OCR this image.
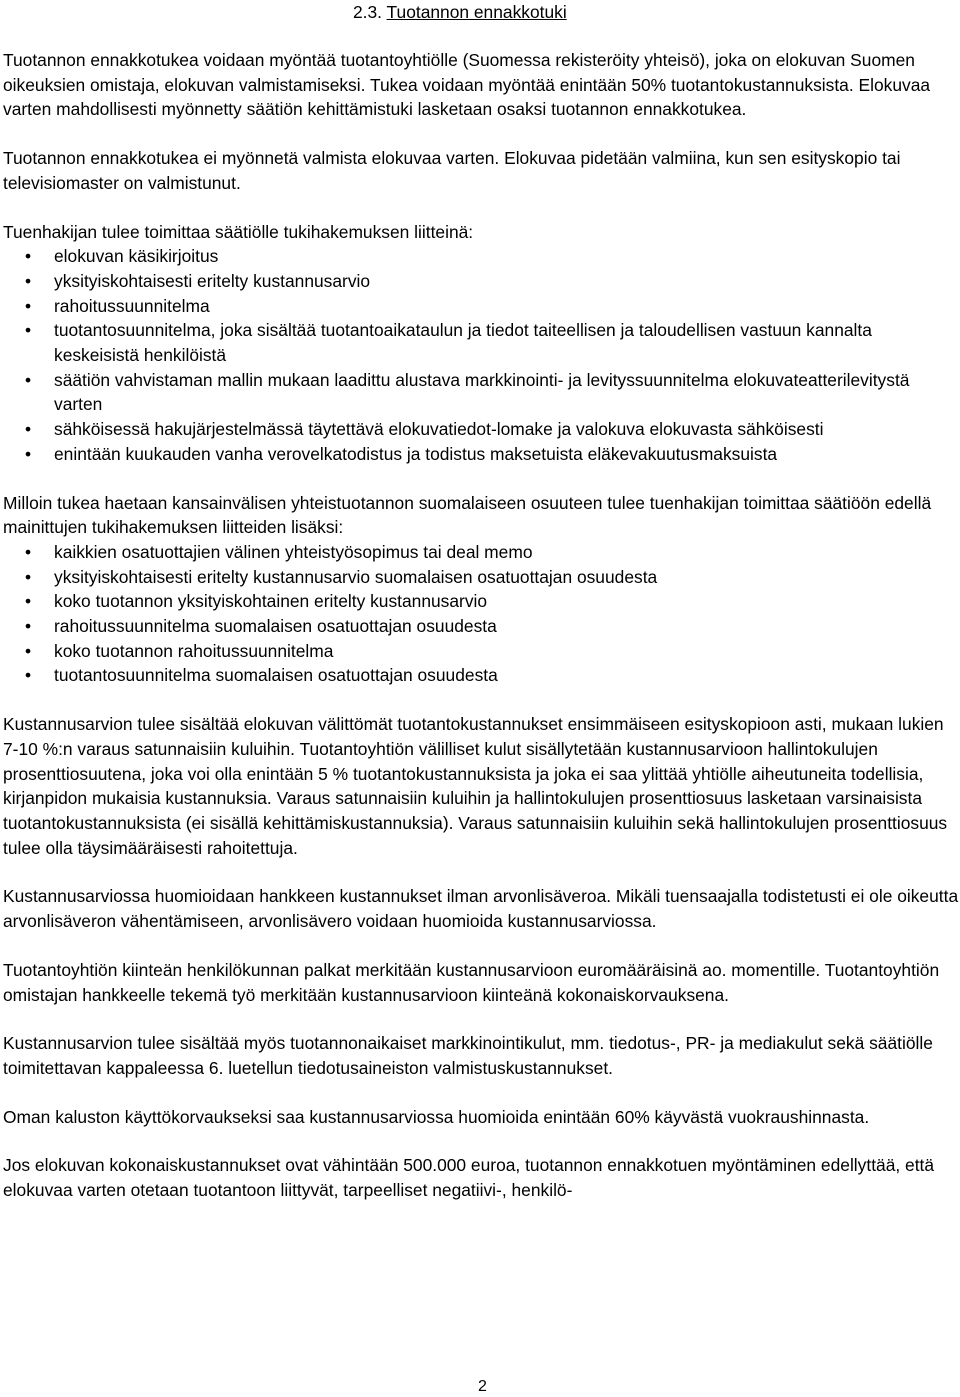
2.3. Tuotannon ennakkotuki

Tuotannon ennakkotukea voidaan myöntää tuotantoyhtiölle (Suomessa rekisteröity yhteisö), joka on elokuvan Suomen oikeuksien omistaja, elokuvan valmistamiseksi. Tukea voidaan myöntää enintään 50% tuotantokustannuksista. Elokuvaa varten mahdollisesti myönnetty säätiön kehittämistuki lasketaan osaksi tuotannon ennakkotukea.

Tuotannon ennakkotukea ei myönnetä valmista elokuvaa varten. Elokuvaa pidetään valmiina, kun sen esityskopio tai televisiomaster on valmistunut.

Tuenhakijan tulee toimittaa säätiölle tukihakemuksen liitteinä:

• elokuvan käsikirjoitus
• yksityiskohtaisesti eritelty kustannusarvio
• rahoitussuunnitelma
• tuotantosuunnitelma, joka sisältää tuotantoaikataulun ja tiedot taiteellisen ja taloudellisen vastuun kannalta keskeisistä henkilöistä
• säätiön vahvistaman mallin mukaan laadittu alustava markkinointi- ja levityssuunnitelma elokuvateatterilevitystä varten
• sähköisessä hakujärjestelmässä täytettävä elokuvatiedot-lomake ja valokuva elokuvasta sähköisesti
• enintään kuukauden vanha verovelkatodistus ja todistus maksetuista eläkevakuutusmaksuista

Milloin tukea haetaan kansainvälisen yhteistuotannon suomalaiseen osuuteen tulee tuenhakijan toimittaa säätiöön edellä mainittujen tukihakemuksen liitteiden lisäksi:

• kaikkien osatuottajien välinen yhteistyösopimus tai deal memo
• yksityiskohtaisesti eritelty kustannusarvio suomalaisen osatuottajan osuudesta
• koko tuotannon yksityiskohtainen eritelty kustannusarvio
• rahoitussuunnitelma suomalaisen osatuottajan osuudesta
• koko tuotannon rahoitussuunnitelma
• tuotantosuunnitelma suomalaisen osatuottajan osuudesta

Kustannusarvion tulee sisältää elokuvan välittömät tuotantokustannukset ensimmäiseen esityskopioon asti, mukaan lukien 7-10 %:n varaus satunnaisiin kuluihin. Tuotantoyhtiön välilliset kulut sisällytetään kustannusarvioon hallintokulujen prosenttiosuutena, joka voi olla enintään 5 % tuotantokustannuksista ja joka ei saa ylittää yhtiölle aiheutuneita todellisia, kirjanpidon mukaisia kustannuksia. Varaus satunnaisiin kuluihin ja hallintokulujen prosenttiosuus lasketaan varsinaisista tuotantokustannuksista (ei sisällä kehittämiskustannuksia). Varaus satunnaisiin kuluihin sekä hallintokulujen prosenttiosuus tulee olla täysimääräisesti rahoitettuja.

Kustannusarviossa huomioidaan hankkeen kustannukset ilman arvonlisäveroa. Mikäli tuensaajalla todistetusti ei ole oikeutta arvonlisäveron vähentämiseen, arvonlisävero voidaan huomioida kustannusarviossa.

Tuotantoyhtiön kiinteän henkilökunnan palkat merkitään kustannusarvioon euromääräisinä ao. momentille. Tuotantoyhtiön omistajan hankkeelle tekemä työ merkitään kustannusarvioon kiinteänä kokonaiskorvauksena.

Kustannusarvion tulee sisältää myös tuotannonaikaiset markkinointikulut, mm. tiedotus-, PR- ja mediakulut sekä säätiölle toimitettavan kappaleessa 6. luetellun tiedotusaineiston valmistuskustannukset.

Oman kaluston käyttökorvaukseksi saa kustannusarviossa huomioida enintään 60% käyvästä vuokraushinnasta.

Jos elokuvan kokonaiskustannukset ovat vähintään 500.000 euroa, tuotannon ennakkotuen myöntäminen edellyttää, että elokuvaa varten otetaan tuotantoon liittyvät, tarpeelliset negatiivi-, henkilö-

2
